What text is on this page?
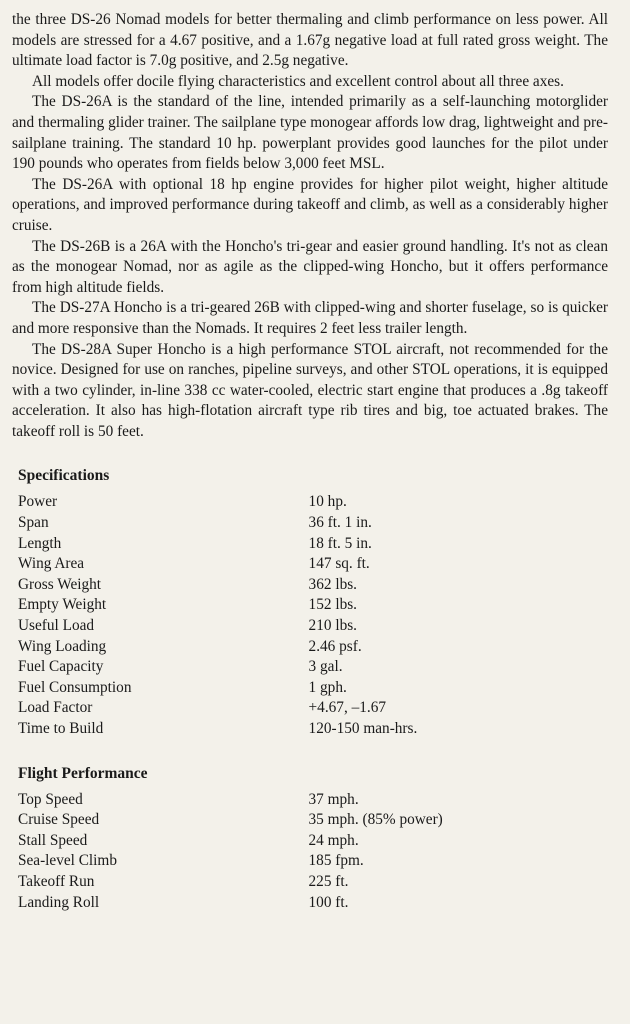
the three DS-26 Nomad models for better thermaling and climb performance on less power. All models are stressed for a 4.67 positive, and a 1.67g negative load at full rated gross weight. The ultimate load factor is 7.0g positive, and 2.5g negative.

All models offer docile flying characteristics and excellent control about all three axes.

The DS-26A is the standard of the line, intended primarily as a self-launching motorglider and thermaling glider trainer. The sailplane type monogear affords low drag, lightweight and pre-sailplane training. The standard 10 hp. powerplant provides good launches for the pilot under 190 pounds who operates from fields below 3,000 feet MSL.

The DS-26A with optional 18 hp engine provides for higher pilot weight, higher altitude operations, and improved performance during takeoff and climb, as well as a considerably higher cruise.

The DS-26B is a 26A with the Honcho's tri-gear and easier ground handling. It's not as clean as the monogear Nomad, nor as agile as the clipped-wing Honcho, but it offers performance from high altitude fields.

The DS-27A Honcho is a tri-geared 26B with clipped-wing and shorter fuselage, so is quicker and more responsive than the Nomads. It requires 2 feet less trailer length.

The DS-28A Super Honcho is a high performance STOL aircraft, not recommended for the novice. Designed for use on ranches, pipeline surveys, and other STOL operations, it is equipped with a two cylinder, in-line 338 cc water-cooled, electric start engine that produces a .8g takeoff acceleration. It also has high-flotation aircraft type rib tires and big, toe actuated brakes. The takeoff roll is 50 feet.

Specifications
Power	10 hp.
Span	36 ft. 1 in.
Length	18 ft. 5 in.
Wing Area	147 sq. ft.
Gross Weight	362 lbs.
Empty Weight	152 lbs.
Useful Load	210 lbs.
Wing Loading	2.46 psf.
Fuel Capacity	3 gal.
Fuel Consumption	1 gph.
Load Factor	+4.67, –1.67
Time to Build	120-150 man-hrs.
Flight Performance
Top Speed	37 mph.
Cruise Speed	35 mph. (85% power)
Stall Speed	24 mph.
Sea-level Climb	185 fpm.
Takeoff Run	225 ft.
Landing Roll	100 ft.
